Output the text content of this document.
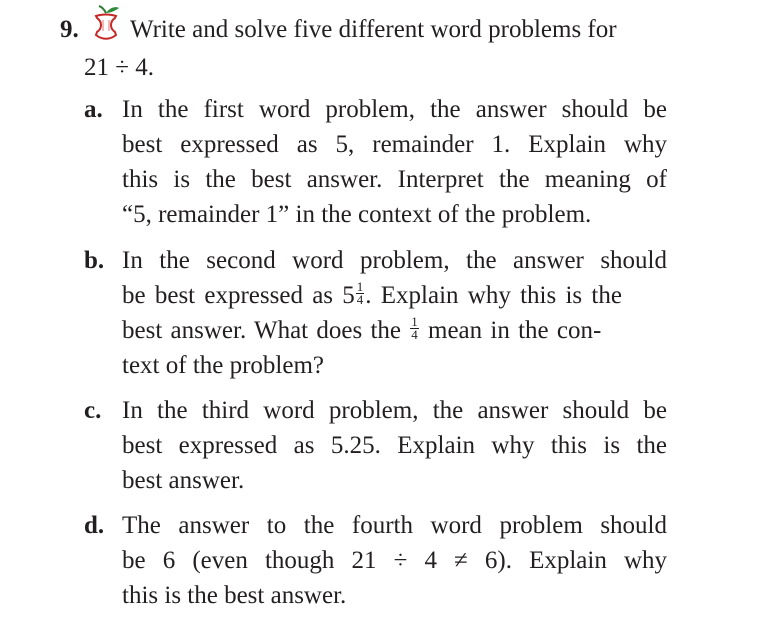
9. Write and solve five different word problems for
21 ÷ 4.
a. In the first word problem, the answer should be
best expressed as 5, remainder 1. Explain why
this is the best answer. Interpret the meaning of
“5, remainder 1” in the context of the problem.
b. In the second word problem, the answer should
be best expressed as $5 \frac{1}{4}$ . Explain why this is the
best answer. What does the $\frac{1}{4}$ mean in the con-
text of the problem?
c. In the third word problem, the answer should be
best expressed as 5.25. Explain why this is the
best answer.
d. The answer to the fourth word problem should
be 6 (even though 21 ÷ 4 ≠ 6). Explain why
this is the best answer.
